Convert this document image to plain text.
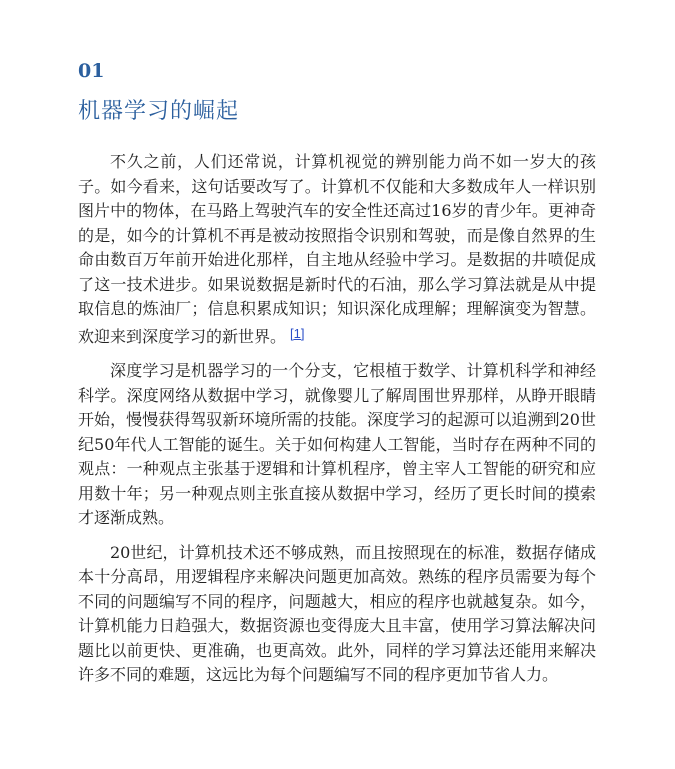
01
机器学习的崛起

不久之前，人们还常说，计算机视觉的辨别能力尚不如一岁大的孩子。如今看来，这句话要改写了。计算机不仅能和大多数成年人一样识别图片中的物体，在马路上驾驶汽车的安全性还高过16岁的青少年。更神奇的是，如今的计算机不再是被动按照指令识别和驾驶，而是像自然界的生命由数百万年前开始进化那样，自主地从经验中学习。是数据的井喷促成了这一技术进步。如果说数据是新时代的石油，那么学习算法就是从中提取信息的炼油厂；信息积累成知识；知识深化成理解；理解演变为智慧。欢迎来到深度学习的新世界。 [1]

深度学习是机器学习的一个分支，它根植于数学、计算机科学和神经科学。深度网络从数据中学习，就像婴儿了解周围世界那样，从睁开眼睛开始，慢慢获得驾驭新环境所需的技能。深度学习的起源可以追溯到20世纪50年代人工智能的诞生。关于如何构建人工智能，当时存在两种不同的观点：一种观点主张基于逻辑和计算机程序，曾主宰人工智能的研究和应用数十年；另一种观点则主张直接从数据中学习，经历了更长时间的摸索才逐渐成熟。

20世纪，计算机技术还不够成熟，而且按照现在的标准，数据存储成本十分高昂，用逻辑程序来解决问题更加高效。熟练的程序员需要为每个不同的问题编写不同的程序，问题越大，相应的程序也就越复杂。如今，计算机能力日趋强大，数据资源也变得庞大且丰富，使用学习算法解决问题比以前更快、更准确，也更高效。此外，同样的学习算法还能用来解决许多不同的难题，这远比为每个问题编写不同的程序更加节省人力。
